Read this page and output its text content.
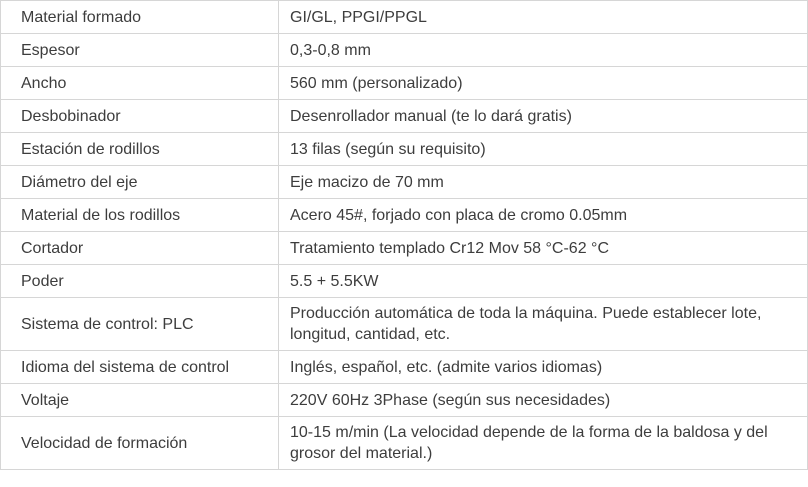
Material formado	GI/GL, PPGI/PPGL
Espesor	0,3-0,8 mm
Ancho	560 mm (personalizado)
Desbobinador	Desenrollador manual (te lo dará gratis)
Estación de rodillos	13 filas (según su requisito)
Diámetro del eje	Eje macizo de 70 mm
Material de los rodillos	Acero 45#, forjado con placa de cromo 0.05mm
Cortador	Tratamiento templado Cr12 Mov 58 °C-62 °C
Poder	5.5 + 5.5KW
Sistema de control: PLC	Producción automática de toda la máquina. Puede establecer lote, longitud, cantidad, etc.
Idioma del sistema de control	Inglés, español, etc. (admite varios idiomas)
Voltaje	220V 60Hz 3Phase (según sus necesidades)
Velocidad de formación	10-15 m/min (La velocidad depende de la forma de la baldosa y del grosor del material.)
